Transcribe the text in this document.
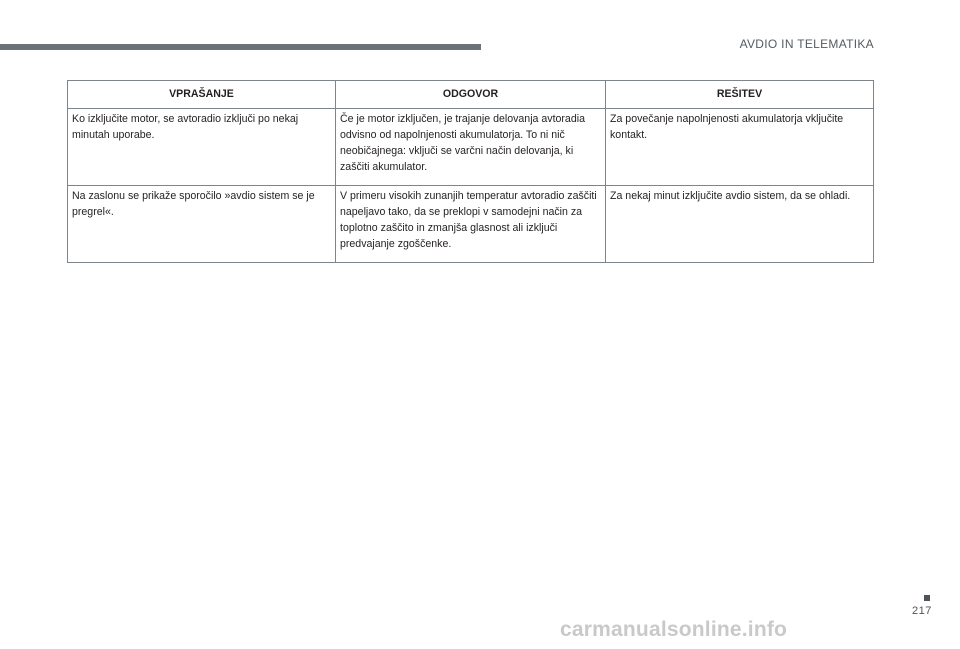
AVDIO IN TELEMATIKA
VPRAŠANJE	ODGOVOR	REŠITEV
Ko izključite motor, se avtoradio izključi po nekaj minutah uporabe.	Če je motor izključen, je trajanje delovanja avtoradia odvisno od napolnjenosti akumulatorja. To ni nič neobičajnega: vključi se varčni način delovanja, ki zaščiti akumulator.	Za povečanje napolnjenosti akumulatorja vključite kontakt.
Na zaslonu se prikaže sporočilo »avdio sistem se je pregrel«.	V primeru visokih zunanjih temperatur avtoradio zaščiti napeljavo tako, da se preklopi v samodejni način za toplotno zaščito in zmanjša glasnost ali izključi predvajanje zgoščenke.	Za nekaj minut izključite avdio sistem, da se ohladi.
217
carmanualsonline.info
